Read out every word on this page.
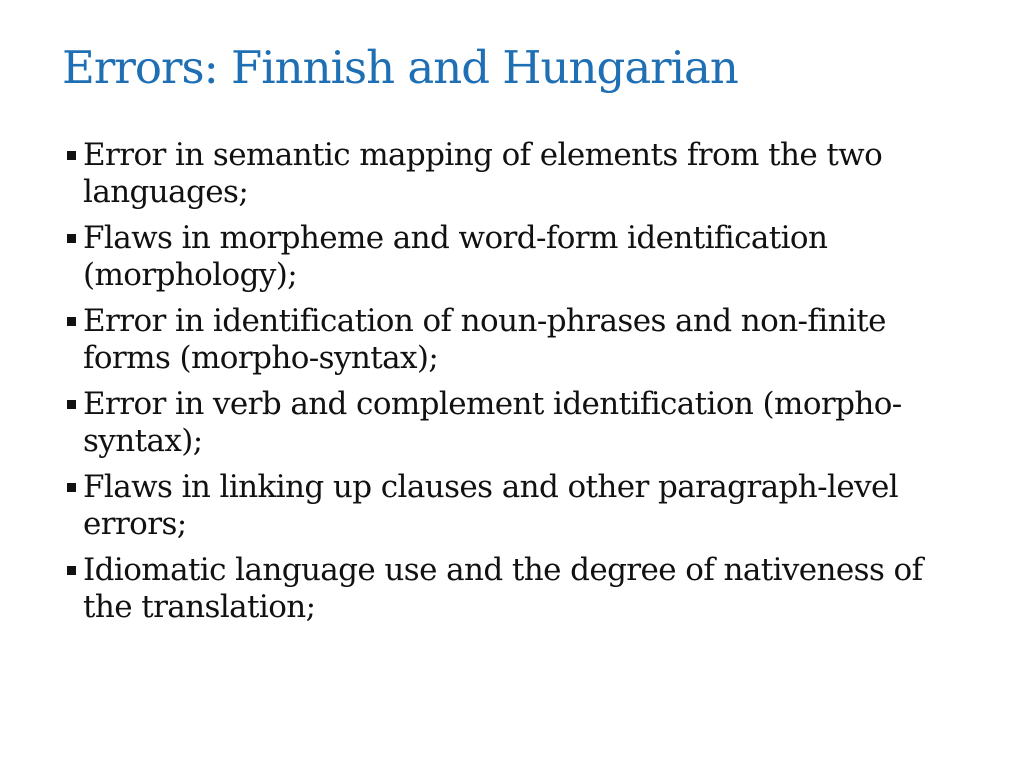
Errors: Finnish and Hungarian
Error in semantic mapping of elements from the two languages;
Flaws in morpheme and word-form identification (morphology);
Error in identification of noun-phrases and non-finite forms (morpho-syntax);
Error in verb and complement identification (morpho-syntax);
Flaws in linking up clauses and other paragraph-level errors;
Idiomatic language use and the degree of nativeness of the translation;
